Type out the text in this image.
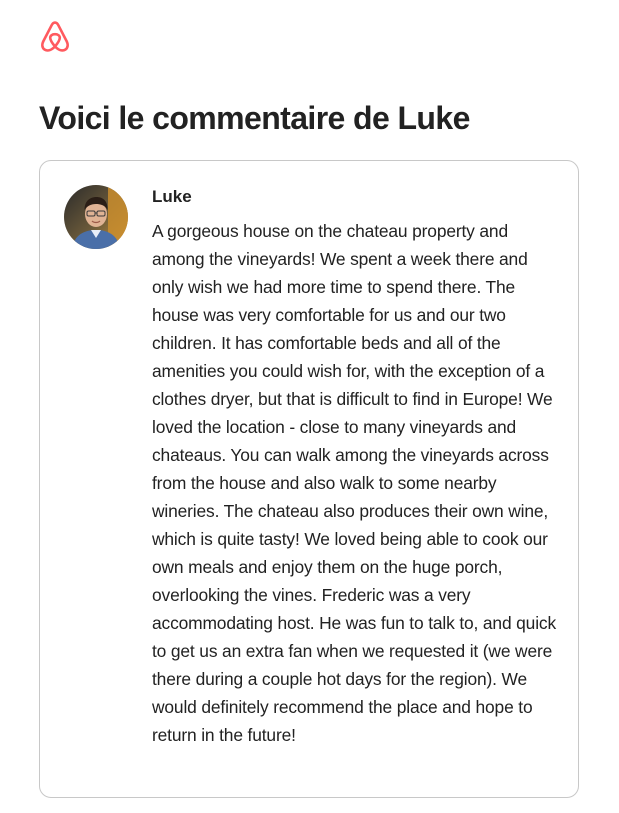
Voici le commentaire de Luke
Luke

A gorgeous house on the chateau property and among the vineyards! We spent a week there and only wish we had more time to spend there. The house was very comfortable for us and our two children. It has comfortable beds and all of the amenities you could wish for, with the exception of a clothes dryer, but that is difficult to find in Europe! We loved the location - close to many vineyards and chateaus. You can walk among the vineyards across from the house and also walk to some nearby wineries. The chateau also produces their own wine, which is quite tasty! We loved being able to cook our own meals and enjoy them on the huge porch, overlooking the vines. Frederic was a very accommodating host. He was fun to talk to, and quick to get us an extra fan when we requested it (we were there during a couple hot days for the region). We would definitely recommend the place and hope to return in the future!
